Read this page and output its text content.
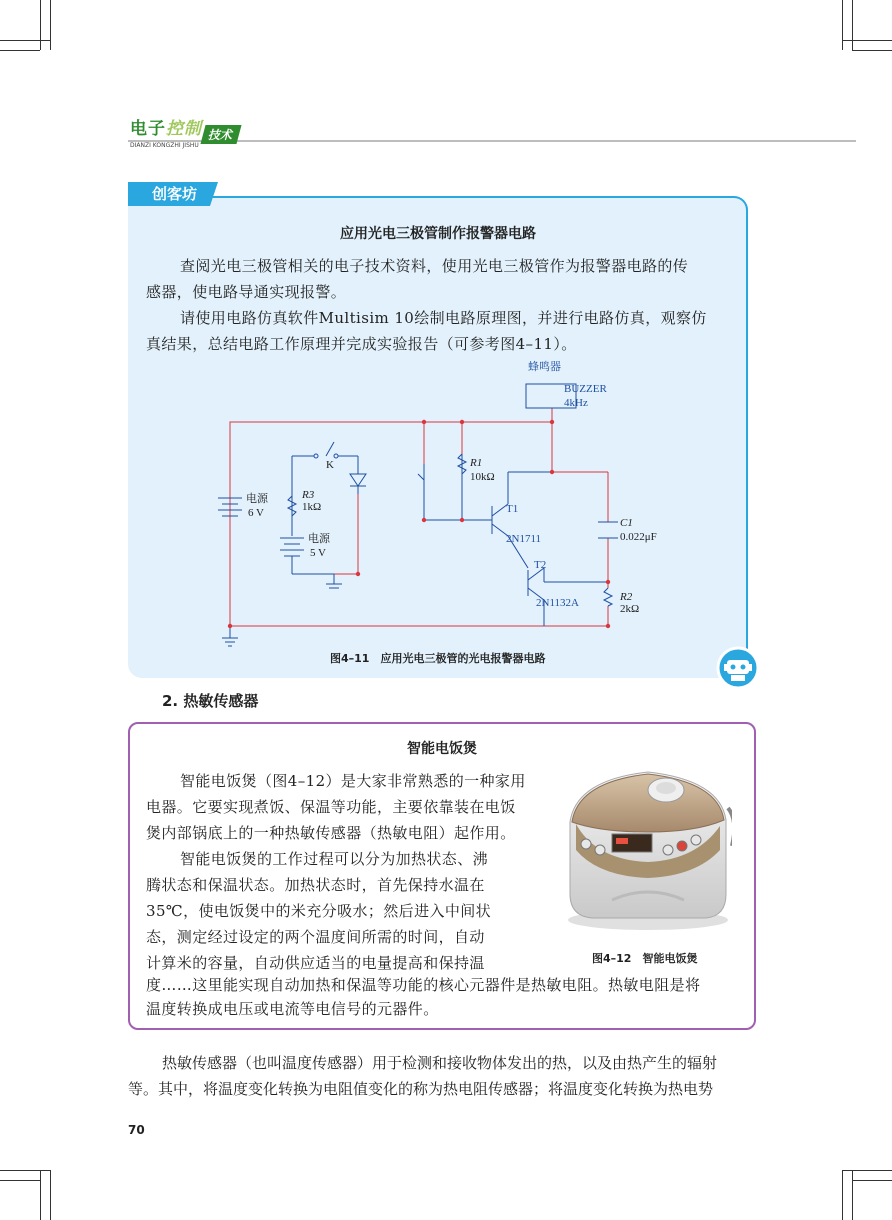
电子控制 技术
DIANZI KONGZHI JISHU
创客坊
应用光电三极管制作报警器电路
查阅光电三极管相关的电子技术资料，使用光电三极管作为报警器电路的传
感器，使电路导通实现报警。
请使用电路仿真软件Multisim 10绘制电路原理图，并进行电路仿真，观察仿
真结果，总结电路工作原理并完成实验报告（可参考图4–11）。
蜂鸣器
BUZZER
4kHz
K
电源
6 V
R3
1kΩ
电源
5 V
R1
10kΩ
T1
2N1711
T2
2N1132A
C1
0.022μF
R2
2kΩ
图4–11　应用光电三极管的光电报警器电路
2. 热敏传感器
智能电饭煲
智能电饭煲（图4–12）是大家非常熟悉的一种家用
电器。它要实现煮饭、保温等功能，主要依靠装在电饭
煲内部锅底上的一种热敏传感器（热敏电阻）起作用。
智能电饭煲的工作过程可以分为加热状态、沸
腾状态和保温状态。加热状态时，首先保持水温在
35℃，使电饭煲中的米充分吸水；然后进入中间状
态，测定经过设定的两个温度间所需的时间，自动
计算米的容量，自动供应适当的电量提高和保持温
度……这里能实现自动加热和保温等功能的核心元器件是热敏电阻。热敏电阻是将
温度转换成电压或电流等电信号的元器件。
图4–12　智能电饭煲
热敏传感器（也叫温度传感器）用于检测和接收物体发出的热，以及由热产生的辐射
等。其中，将温度变化转换为电阻值变化的称为热电阻传感器；将温度变化转换为热电势
70
